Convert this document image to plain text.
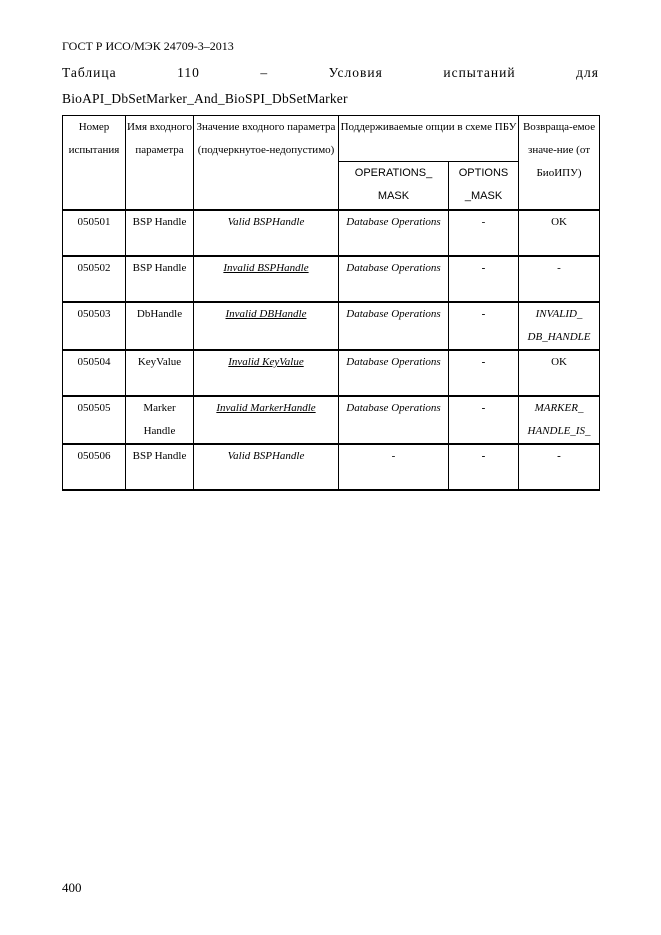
ГОСТ Р ИСО/МЭК 24709-3–2013
Таблица	110	–	Условия	испытаний	для
BioAPI_DbSetMarker_And_BioSPI_DbSetMarker
Номер испытания	Имя входного параметра	Значение входного параметра (подчеркнутое-недопустимо)	Поддерживаемые опции в схеме ПБУ		Возвраща-емое значе-ние (от БиоИПУ)
			OPERATIONS_ MASK	OPTIONS _MASK	
050501	BSP Handle	Valid BSPHandle	Database Operations	-	OK
050502	BSP Handle	Invalid BSPHandle	Database Operations	-	-
050503	DbHandle	Invalid DBHandle	Database Operations	-	INVALID_ DB_HANDLE
050504	KeyValue	Invalid KeyValue	Database Operations	-	OK
050505	Marker Handle	Invalid MarkerHandle	Database Operations	-	MARKER_ HANDLE_IS_
050506	BSP Handle	Valid BSPHandle	-	-	-
400
